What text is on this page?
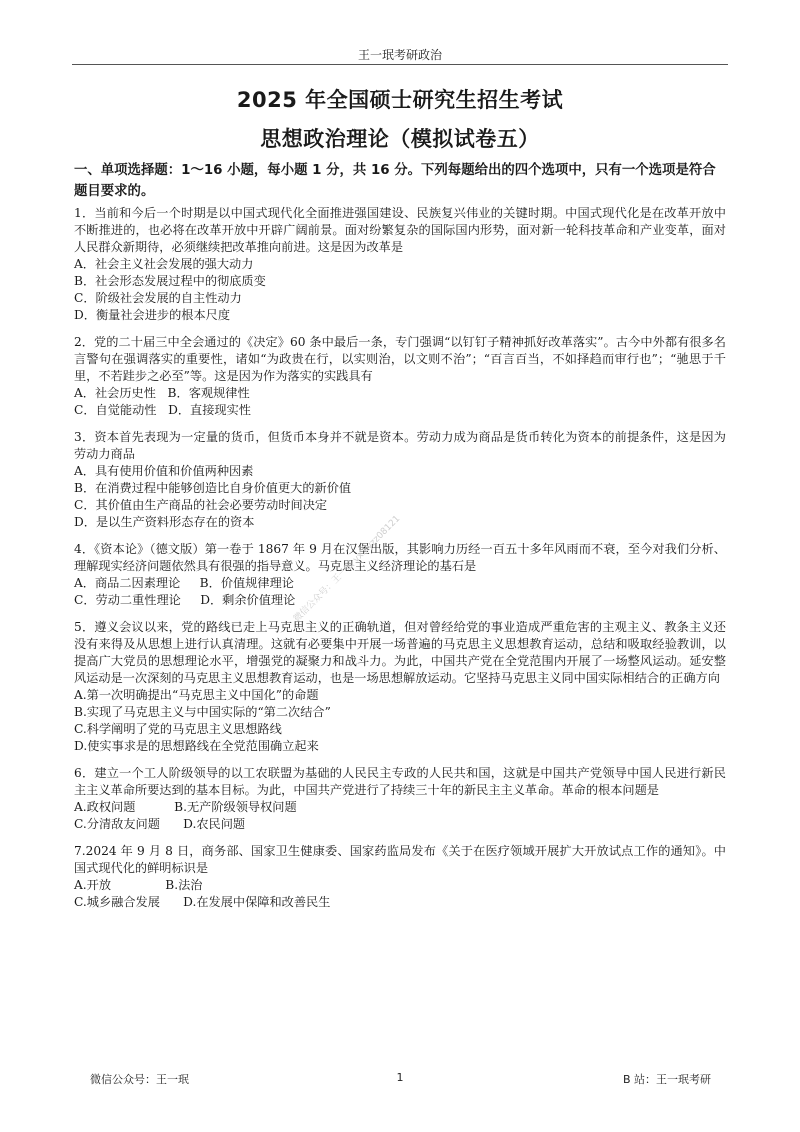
王一珉考研政治
2025 年全国硕士研究生招生考试
思想政治理论（模拟试卷五）

一、单项选择题：1～16 小题，每小题 1 分，共 16 分。下列每题给出的四个选项中，只有一个选项是符合题目要求的。

1．当前和今后一个时期是以中国式现代化全面推进强国建设、民族复兴伟业的关键时期。中国式现代化是在改革开放中不断推进的，也必将在改革开放中开辟广阔前景。面对纷繁复杂的国际国内形势，面对新一轮科技革命和产业变革，面对人民群众新期待，必须继续把改革推向前进。这是因为改革是

A．社会主义社会发展的强大动力

B．社会形态发展过程中的彻底质变

C．阶级社会发展的自主性动力

D．衡量社会进步的根本尺度

2．党的二十届三中全会通过的《决定》60 条中最后一条，专门强调“以钉钉子精神抓好改革落实”。古今中外都有很多名言警句在强调落实的重要性，诸如“为政贵在行，以实则治，以文则不治”；“百言百当，不如择趋而审行也”；“驰思于千里，不若跬步之必至”等。这是因为作为落实的实践具有

A．社会历史性   B．客观规律性

C．自觉能动性   D．直接现实性

3．资本首先表现为一定量的货币，但货币本身并不就是资本。劳动力成为商品是货币转化为资本的前提条件，这是因为劳动力商品

A．具有使用价值和价值两种因素

B．在消费过程中能够创造比自身价值更大的新价值

C．其价值由生产商品的社会必要劳动时间决定

D．是以生产资料形态存在的资本

4．《资本论》（德文版）第一卷于 1867 年 9 月在汉堡出版，其影响力历经一百五十多年风雨而不衰，至今对我们分析、理解现实经济问题依然具有很强的指导意义。马克思主义经济理论的基石是

A．商品二因素理论     B．价值规律理论

C．劳动二重性理论     D．剩余价值理论

5．遵义会议以来，党的路线已走上马克思主义的正确轨道，但对曾经给党的事业造成严重危害的主观主义、教条主义还没有来得及从思想上进行认真清理。这就有必要集中开展一场普遍的马克思主义思想教育运动，总结和吸取经验教训，以提高广大党员的思想理论水平，增强党的凝聚力和战斗力。为此，中国共产党在全党范围内开展了一场整风运动。延安整风运动是一次深刻的马克思主义思想教育运动，也是一场思想解放运动。它坚持马克思主义同中国实际相结合的正确方向

A.第一次明确提出“马克思主义中国化”的命题

B.实现了马克思主义与中国实际的“第二次结合”

C.科学阐明了党的马克思主义思想路线

D.使实事求是的思想路线在全党范围确立起来

6．建立一个工人阶级领导的以工农联盟为基础的人民民主专政的人民共和国，这就是中国共产党领导中国人民进行新民主主义革命所要达到的基本目标。为此，中国共产党进行了持续三十年的新民主主义革命。革命的根本问题是

A.政权问题          B.无产阶级领导权问题

C.分清敌友问题      D.农民问题

7.2024 年 9 月 8 日，商务部、国家卫生健康委、国家药监局发布《关于在医疗领域开展扩大开放试点工作的通知》。中国式现代化的鲜明标识是

A.开放              B.法治

C.城乡融合发展      D.在发展中保障和改善民生

微信公众号：王一珉 vx:kyzz08121
微信公众号：王一珉	1	B 站：王一珉考研
